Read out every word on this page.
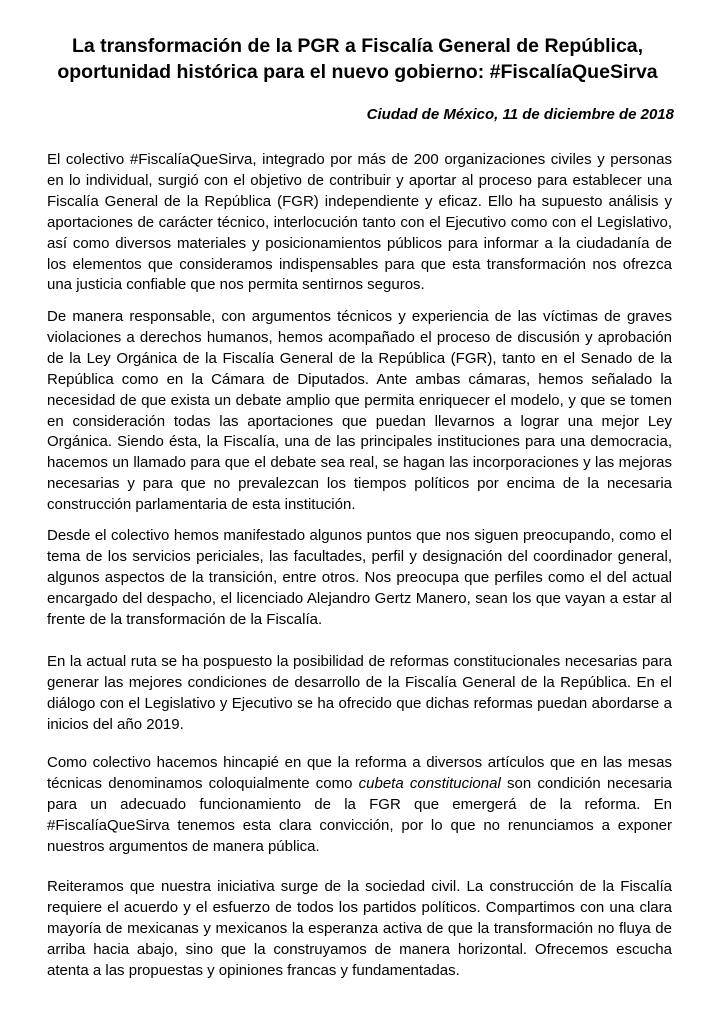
La transformación de la PGR a Fiscalía General de República,
oportunidad histórica para el nuevo gobierno: #FiscalíaQueSirva

Ciudad de México, 11 de diciembre de 2018

El colectivo #FiscalíaQueSirva, integrado por más de 200 organizaciones civiles y personas en lo individual, surgió con el objetivo de contribuir y aportar al proceso para establecer una Fiscalía General de la República (FGR) independiente y eficaz. Ello ha supuesto análisis y aportaciones de carácter técnico, interlocución tanto con el Ejecutivo como con el Legislativo, así como diversos materiales y posicionamientos públicos para informar a la ciudadanía de los elementos que consideramos indispensables para que esta transformación nos ofrezca una justicia confiable que nos permita sentirnos seguros.

De manera responsable, con argumentos técnicos y experiencia de las víctimas de graves violaciones a derechos humanos, hemos acompañado el proceso de discusión y aprobación de la Ley Orgánica de la Fiscalía General de la República (FGR), tanto en el Senado de la República como en la Cámara de Diputados. Ante ambas cámaras, hemos señalado la necesidad de que exista un debate amplio que permita enriquecer el modelo, y que se tomen en consideración todas las aportaciones que puedan llevarnos a lograr una mejor Ley Orgánica. Siendo ésta, la Fiscalía, una de las principales instituciones para una democracia, hacemos un llamado para que el debate sea real, se hagan las incorporaciones y las mejoras necesarias y para que no prevalezcan los tiempos políticos por encima de la necesaria construcción parlamentaria de esta institución.

Desde el colectivo hemos manifestado algunos puntos que nos siguen preocupando, como el tema de los servicios periciales, las facultades, perfil y designación del coordinador general, algunos aspectos de la transición, entre otros. Nos preocupa que perfiles como el del actual encargado del despacho, el licenciado Alejandro Gertz Manero, sean los que vayan a estar al frente de la transformación de la Fiscalía.

En la actual ruta se ha pospuesto la posibilidad de reformas constitucionales necesarias para generar las mejores condiciones de desarrollo de la Fiscalía General de la República. En el diálogo con el Legislativo y Ejecutivo se ha ofrecido que dichas reformas puedan abordarse a inicios del año 2019.

Como colectivo hacemos hincapié en que la reforma a diversos artículos que en las mesas técnicas denominamos coloquialmente como cubeta constitucional son condición necesaria para un adecuado funcionamiento de la FGR que emergerá de la reforma. En #FiscalíaQueSirva tenemos esta clara convicción, por lo que no renunciamos a exponer nuestros argumentos de manera pública.

Reiteramos que nuestra iniciativa surge de la sociedad civil. La construcción de la Fiscalía requiere el acuerdo y el esfuerzo de todos los partidos políticos. Compartimos con una clara mayoría de mexicanas y mexicanos la esperanza activa de que la transformación no fluya de arriba hacia abajo, sino que la construyamos de manera horizontal. Ofrecemos escucha atenta a las propuestas y opiniones francas y fundamentadas.
